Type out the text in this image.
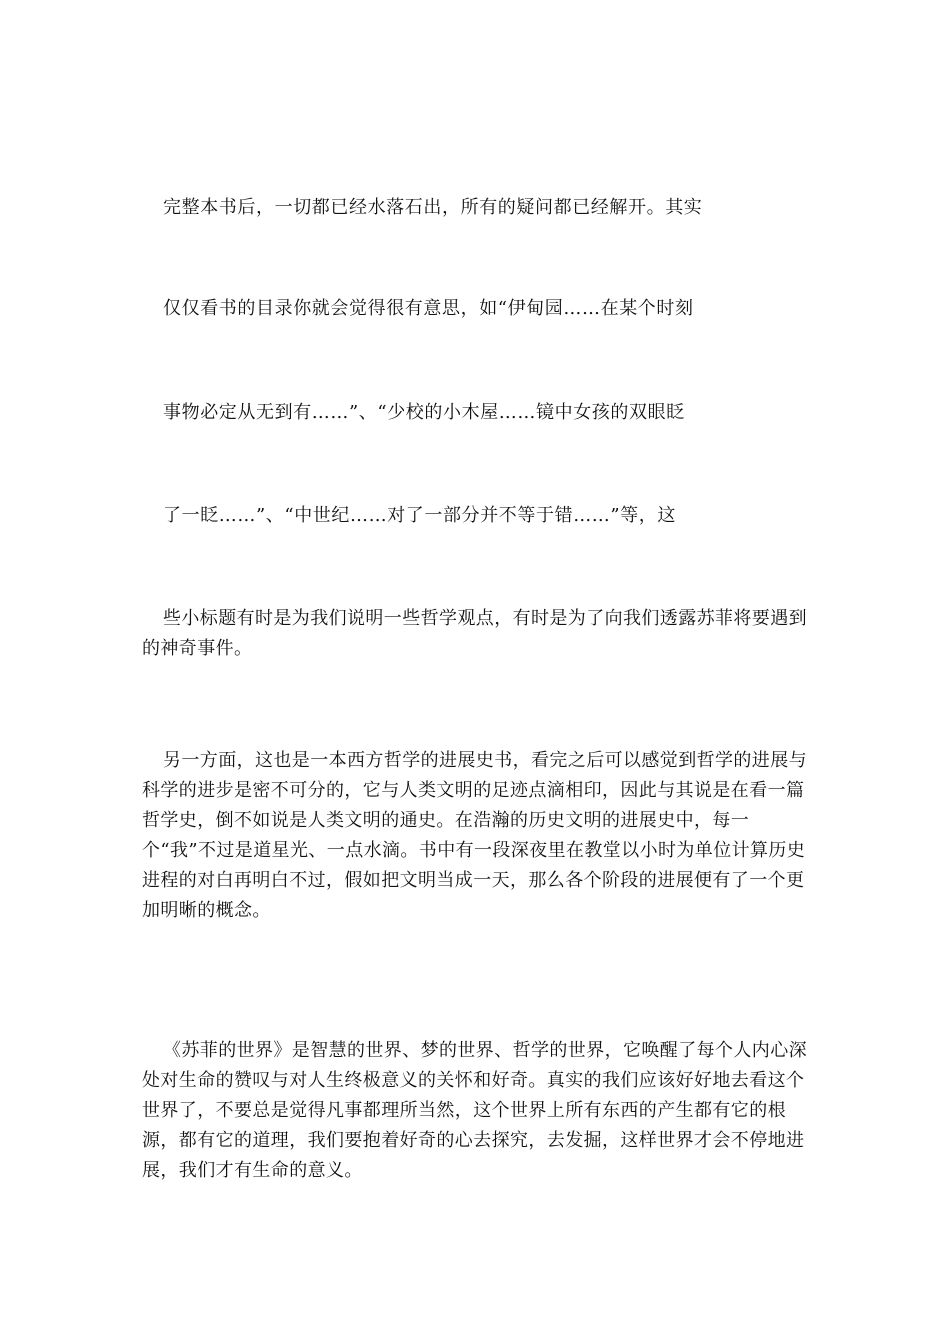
完整本书后，一切都已经水落石出，所有的疑问都已经解开。其实
仅仅看书的目录你就会觉得很有意思，如“伊甸园……在某个时刻
事物必定从无到有……”、“少校的小木屋……镜中女孩的双眼眨
了一眨……”、“中世纪……对了一部分并不等于错……”等，这

些小标题有时是为我们说明一些哲学观点，有时是为了向我们透露苏菲将要遇到的神奇事件。

另一方面，这也是一本西方哲学的进展史书，看完之后可以感觉到哲学的进展与科学的进步是密不可分的，它与人类文明的足迹点滴相印，因此与其说是在看一篇哲学史，倒不如说是人类文明的通史。在浩瀚的历史文明的进展史中，每一个“我”不过是道星光、一点水滴。书中有一段深夜里在教堂以小时为单位计算历史进程的对白再明白不过，假如把文明当成一天，那么各个阶段的进展便有了一个更加明晰的概念。

《苏菲的世界》是智慧的世界、梦的世界、哲学的世界，它唤醒了每个人内心深处对生命的赞叹与对人生终极意义的关怀和好奇。真实的我们应该好好地去看这个世界了，不要总是觉得凡事都理所当然，这个世界上所有东西的产生都有它的根源，都有它的道理，我们要抱着好奇的心去探究，去发掘，这样世界才会不停地进展，我们才有生命的意义。
